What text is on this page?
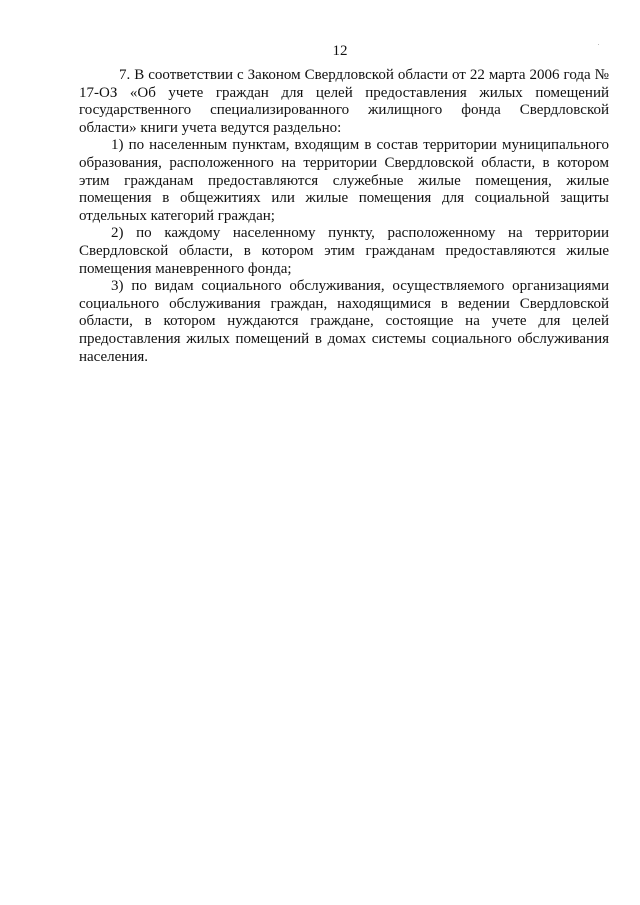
12

7. В соответствии с Законом Свердловской области от 22 марта 2006 года № 17-ОЗ «Об учете граждан для целей предоставления жилых помещений государственного специализированного жилищного фонда Свердловской области» книги учета ведутся раздельно:

1) по населенным пунктам, входящим в состав территории муниципального образования, расположенного на территории Свердловской области, в котором этим гражданам предоставляются служебные жилые помещения, жилые помещения в общежитиях или жилые помещения для социальной защиты отдельных категорий граждан;

2) по каждому населенному пункту, расположенному на территории Свердловской области, в котором этим гражданам предоставляются жилые помещения маневренного фонда;

3) по видам социального обслуживания, осуществляемого организациями социального обслуживания граждан, находящимися в ведении Свердловской области, в котором нуждаются граждане, состоящие на учете для целей предоставления жилых помещений в домах системы социального обслуживания населения.
